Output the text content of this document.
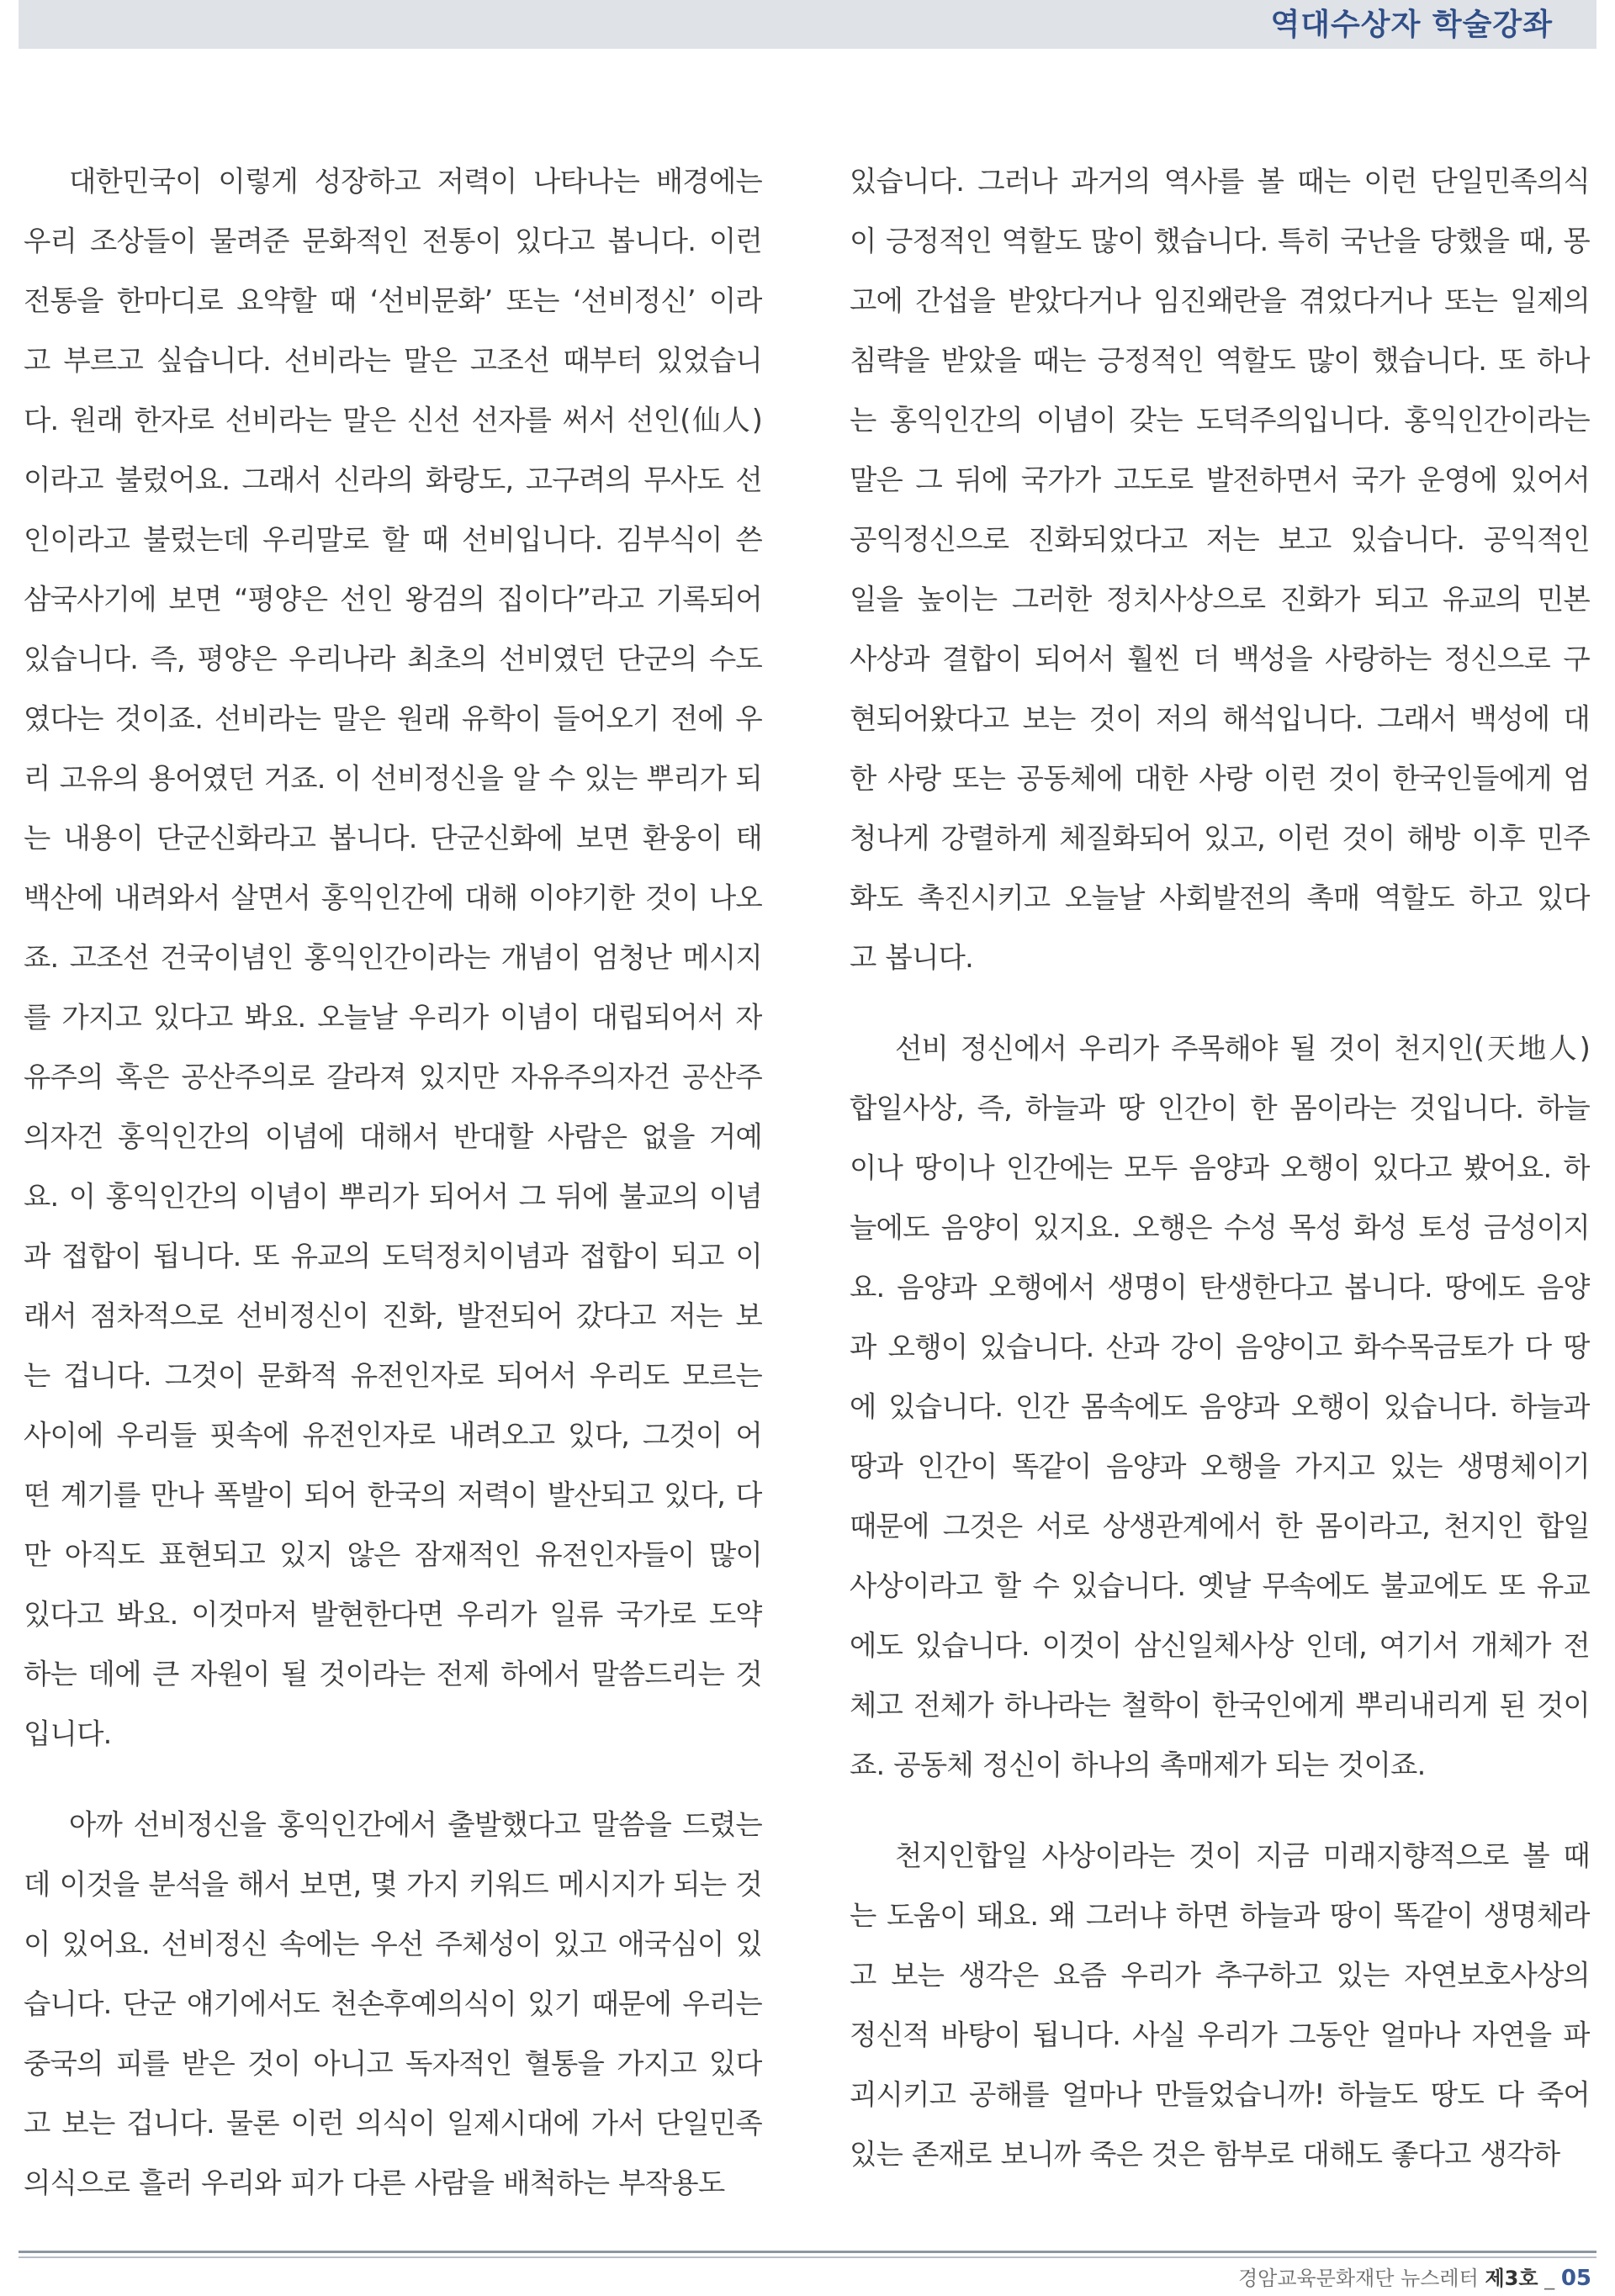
역대수상자 학술강좌
대한민국이 이렇게 성장하고 저력이 나타나는 배경에는
우리 조상들이 물려준 문화적인 전통이 있다고 봅니다. 이런
전통을 한마디로 요약할 때 ‘선비문화’ 또는 ‘선비정신’ 이라
고 부르고 싶습니다. 선비라는 말은 고조선 때부터 있었습니
다. 원래 한자로 선비라는 말은 신선 선자를 써서 선인(仙人)
이라고 불렀어요. 그래서 신라의 화랑도, 고구려의 무사도 선
인이라고 불렀는데 우리말로 할 때 선비입니다. 김부식이 쓴
삼국사기에 보면 “평양은 선인 왕검의 집이다”라고 기록되어
있습니다. 즉, 평양은 우리나라 최초의 선비였던 단군의 수도
였다는 것이죠. 선비라는 말은 원래 유학이 들어오기 전에 우
리 고유의 용어였던 거죠. 이 선비정신을 알 수 있는 뿌리가 되
는 내용이 단군신화라고 봅니다. 단군신화에 보면 환웅이 태
백산에 내려와서 살면서 홍익인간에 대해 이야기한 것이 나오
죠. 고조선 건국이념인 홍익인간이라는 개념이 엄청난 메시지
를 가지고 있다고 봐요. 오늘날 우리가 이념이 대립되어서 자
유주의 혹은 공산주의로 갈라져 있지만 자유주의자건 공산주
의자건 홍익인간의 이념에 대해서 반대할 사람은 없을 거예
요. 이 홍익인간의 이념이 뿌리가 되어서 그 뒤에 불교의 이념
과 접합이 됩니다. 또 유교의 도덕정치이념과 접합이 되고 이
래서 점차적으로 선비정신이 진화, 발전되어 갔다고 저는 보
는 겁니다. 그것이 문화적 유전인자로 되어서 우리도 모르는
사이에 우리들 핏속에 유전인자로 내려오고 있다, 그것이 어
떤 계기를 만나 폭발이 되어 한국의 저력이 발산되고 있다, 다
만 아직도 표현되고 있지 않은 잠재적인 유전인자들이 많이
있다고 봐요. 이것마저 발현한다면 우리가 일류 국가로 도약
하는 데에 큰 자원이 될 것이라는 전제 하에서 말씀드리는 것
입니다.
아까 선비정신을 홍익인간에서 출발했다고 말씀을 드렸는
데 이것을 분석을 해서 보면, 몇 가지 키워드 메시지가 되는 것
이 있어요. 선비정신 속에는 우선 주체성이 있고 애국심이 있
습니다. 단군 얘기에서도 천손후예의식이 있기 때문에 우리는
중국의 피를 받은 것이 아니고 독자적인 혈통을 가지고 있다
고 보는 겁니다. 물론 이런 의식이 일제시대에 가서 단일민족
의식으로 흘러 우리와 피가 다른 사람을 배척하는 부작용도
있습니다. 그러나 과거의 역사를 볼 때는 이런 단일민족의식
이 긍정적인 역할도 많이 했습니다. 특히 국난을 당했을 때, 몽
고에 간섭을 받았다거나 임진왜란을 겪었다거나 또는 일제의
침략을 받았을 때는 긍정적인 역할도 많이 했습니다. 또 하나
는 홍익인간의 이념이 갖는 도덕주의입니다. 홍익인간이라는
말은 그 뒤에 국가가 고도로 발전하면서 국가 운영에 있어서
공익정신으로 진화되었다고 저는 보고 있습니다. 공익적인
일을 높이는 그러한 정치사상으로 진화가 되고 유교의 민본
사상과 결합이 되어서 훨씬 더 백성을 사랑하는 정신으로 구
현되어왔다고 보는 것이 저의 해석입니다. 그래서 백성에 대
한 사랑 또는 공동체에 대한 사랑 이런 것이 한국인들에게 엄
청나게 강렬하게 체질화되어 있고, 이런 것이 해방 이후 민주
화도 촉진시키고 오늘날 사회발전의 촉매 역할도 하고 있다
고 봅니다.
선비 정신에서 우리가 주목해야 될 것이 천지인(天地人)
합일사상, 즉, 하늘과 땅 인간이 한 몸이라는 것입니다. 하늘
이나 땅이나 인간에는 모두 음양과 오행이 있다고 봤어요. 하
늘에도 음양이 있지요. 오행은 수성 목성 화성 토성 금성이지
요. 음양과 오행에서 생명이 탄생한다고 봅니다. 땅에도 음양
과 오행이 있습니다. 산과 강이 음양이고 화수목금토가 다 땅
에 있습니다. 인간 몸속에도 음양과 오행이 있습니다. 하늘과
땅과 인간이 똑같이 음양과 오행을 가지고 있는 생명체이기
때문에 그것은 서로 상생관계에서 한 몸이라고, 천지인 합일
사상이라고 할 수 있습니다. 옛날 무속에도 불교에도 또 유교
에도 있습니다. 이것이 삼신일체사상 인데, 여기서 개체가 전
체고 전체가 하나라는 철학이 한국인에게 뿌리내리게 된 것이
죠. 공동체 정신이 하나의 촉매제가 되는 것이죠.
천지인합일 사상이라는 것이 지금 미래지향적으로 볼 때
는 도움이 돼요. 왜 그러냐 하면 하늘과 땅이 똑같이 생명체라
고 보는 생각은 요즘 우리가 추구하고 있는 자연보호사상의
정신적 바탕이 됩니다. 사실 우리가 그동안 얼마나 자연을 파
괴시키고 공해를 얼마나 만들었습니까! 하늘도 땅도 다 죽어
있는 존재로 보니까 죽은 것은 함부로 대해도 좋다고 생각하
경암교육문화재단 뉴스레터 제3호 _ 05
